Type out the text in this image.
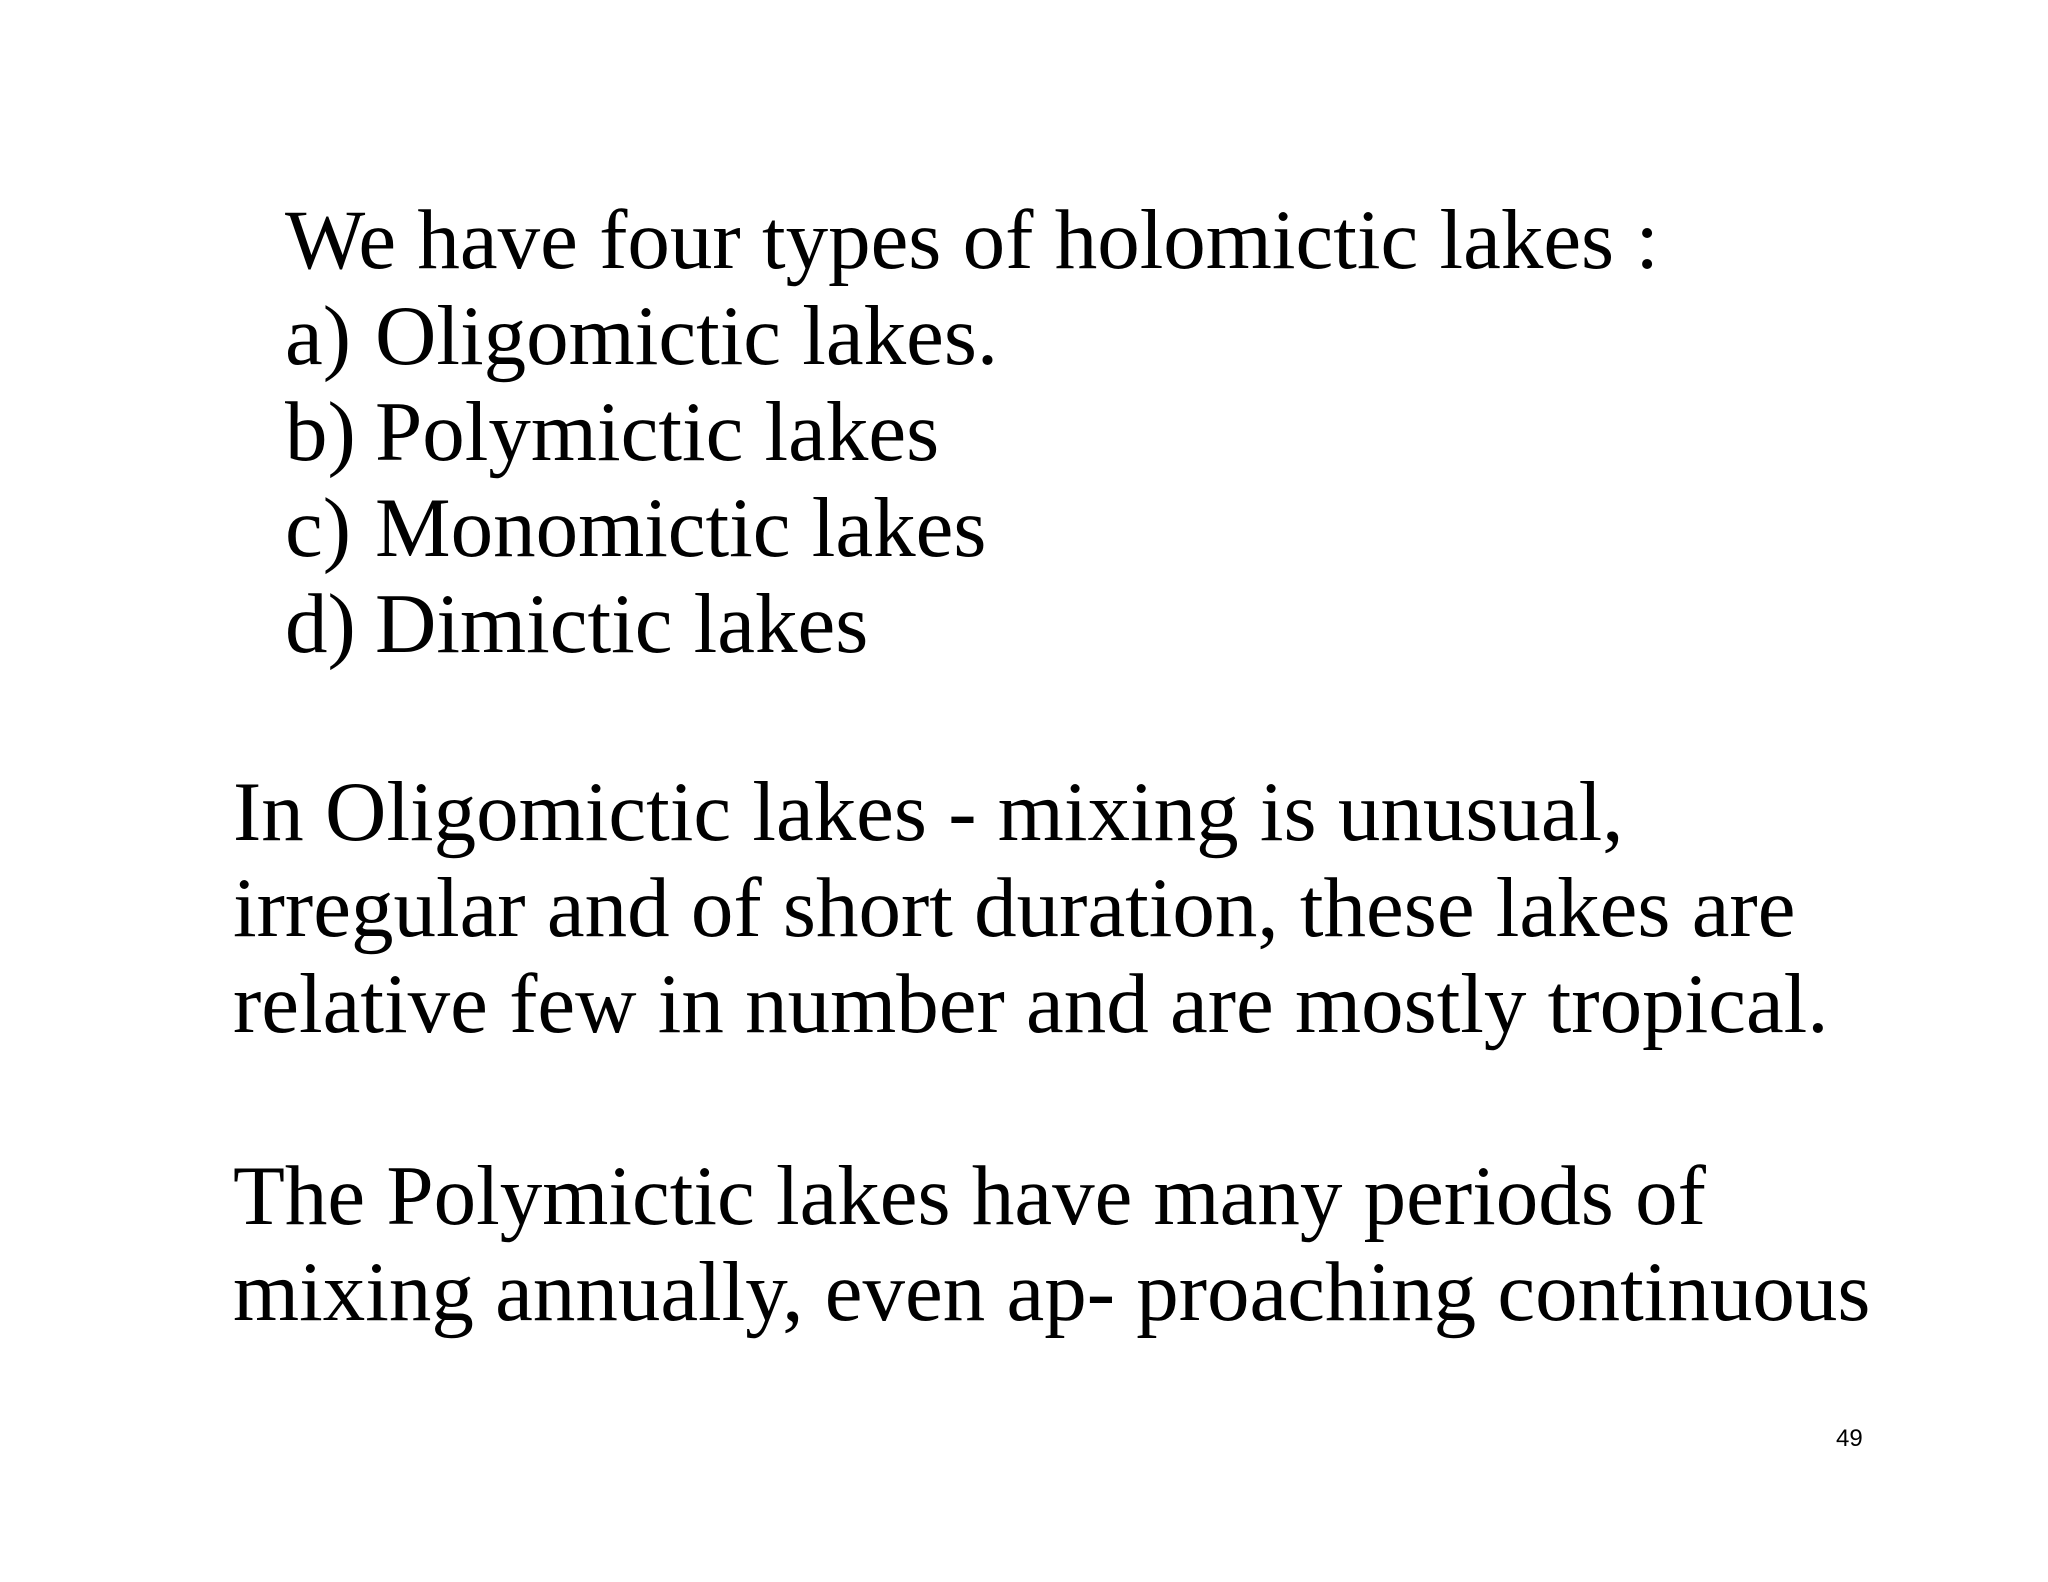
We have four types of holomictic lakes :
a) Oligomictic lakes.
b) Polymictic lakes
c) Monomictic lakes
d) Dimictic lakes

In Oligomictic lakes - mixing is unusual,
irregular and of short duration, these lakes are
relative few in number and are mostly tropical.

The Polymictic lakes have many periods of
mixing annually, even ap- proaching continuous

49
